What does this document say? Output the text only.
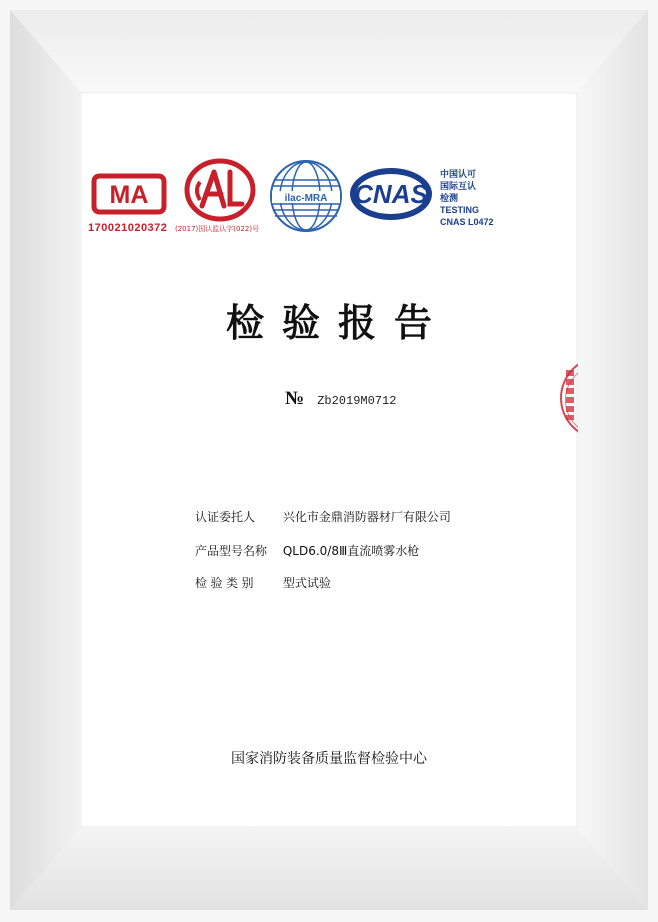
MA
170021020372 (2017)国认监认字(022)号
ilac-MRA CNAS
中国认可
国际互认
检测
TESTING
CNAS L0472
检验报告
№ Zb2019M0712
认证委托人 兴化市金鼎消防器材厂有限公司
产品型号名称 QLD6.0/8Ⅲ直流喷雾水枪
检验类别 型式试验
国家消防装备质量监督检验中心
